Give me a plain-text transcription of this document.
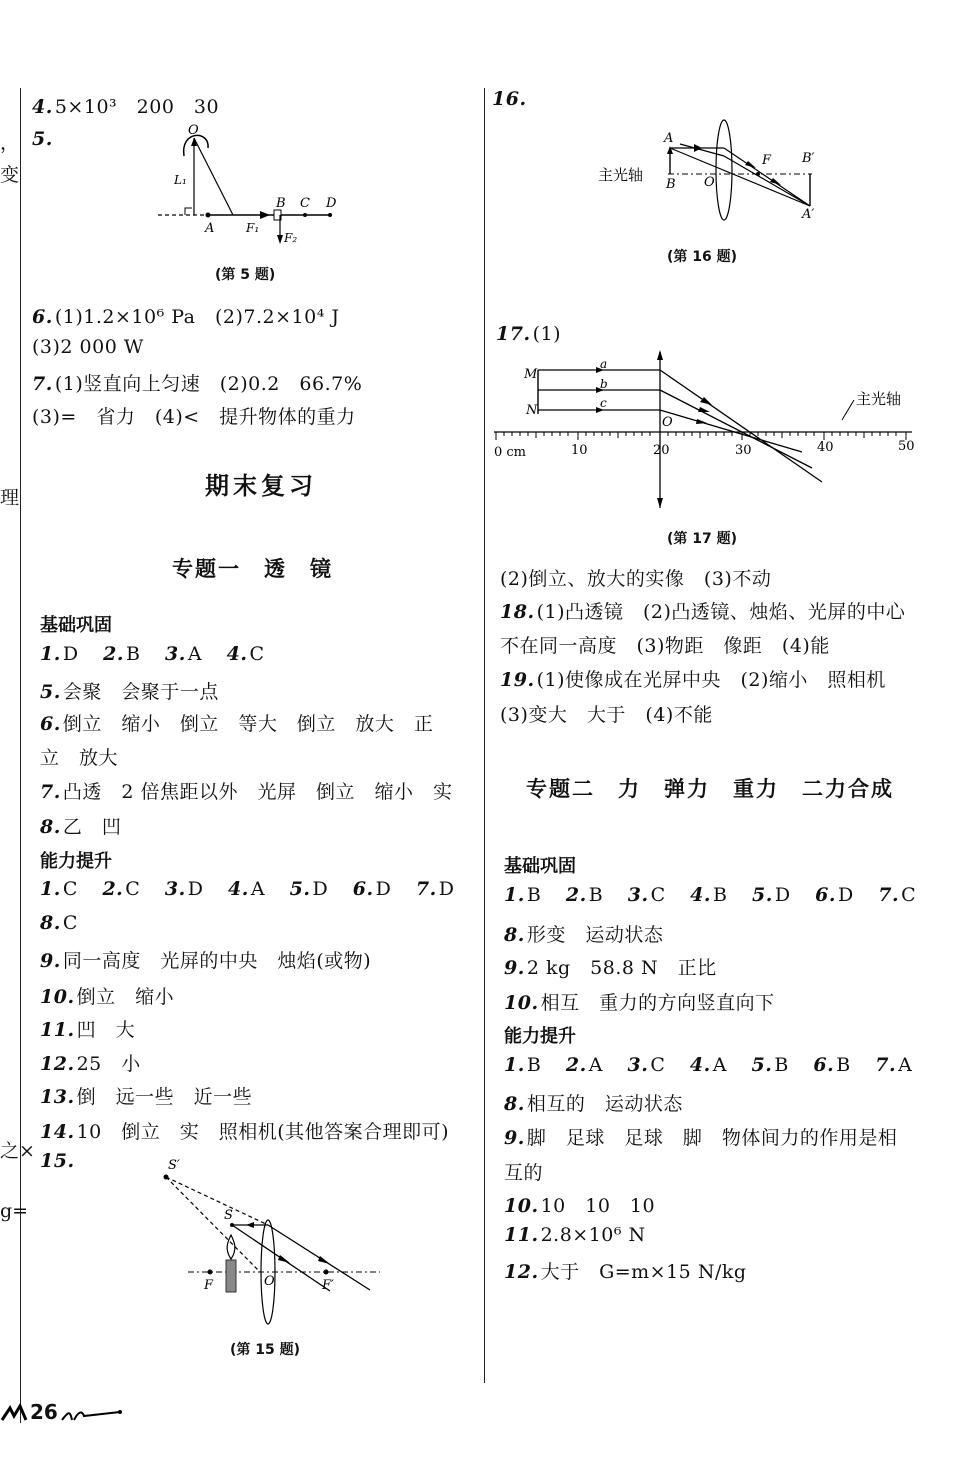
，
变
理
之×
g=
4. 5×10³　200　30
5.	O
L₁
A	F₁
B C D
F₂
(第 5 题)
6. (1)1.2×10⁶ Pa　(2)7.2×10⁴ J
(3)2 000 W
7. (1)竖直向上匀速　(2)0.2　66.7%
(3)=　省力　(4)<　提升物体的重力
期末复习
专题一　透　镜
基础巩固
1. D 2. B 3. A 4. C
5. 会聚　会聚于一点
6. 倒立　缩小　倒立　等大　倒立　放大　正
立　放大
7. 凸透　2 倍焦距以外　光屏　倒立　缩小　实
8. 乙　凹
能力提升
1. C 2. C 3. D 4. A 5. D 6. D 7. D
8. C
9. 同一高度　光屏的中央　烛焰(或物)
10. 倒立　缩小
11. 凹　大
12. 25　小
13. 倒　远一些　近一些
14. 10　倒立　实　照相机(其他答案合理即可)
15.	S′
S
F	O	F′
(第 15 题)
16.
主光轴
A
B O
F B′
A′
(第 16 题)
17. (1)
主光轴
M
N
a
b
c
O
0 cm	10	20	30	40	50
(第 17 题)
(2)倒立、放大的实像　(3)不动
18. (1)凸透镜　(2)凸透镜、烛焰、光屏的中心
不在同一高度　(3)物距　像距　(4)能
19. (1)使像成在光屏中央　(2)缩小　照相机
(3)变大　大于　(4)不能
专题二　力　弹力　重力　二力合成
基础巩固
1. B 2. B 3. C 4. B 5. D 6. D 7. C
8. 形变　运动状态
9. 2 kg　58.8 N　正比
10. 相互　重力的方向竖直向下
能力提升
1. B 2. A 3. C 4. A 5. B 6. B 7. A
8. 相互的　运动状态
9. 脚　足球　足球　脚　物体间力的作用是相
互的
10. 10　10　10
11. 2.8×10⁶ N
12. 大于　G=m×15 N/kg
26
